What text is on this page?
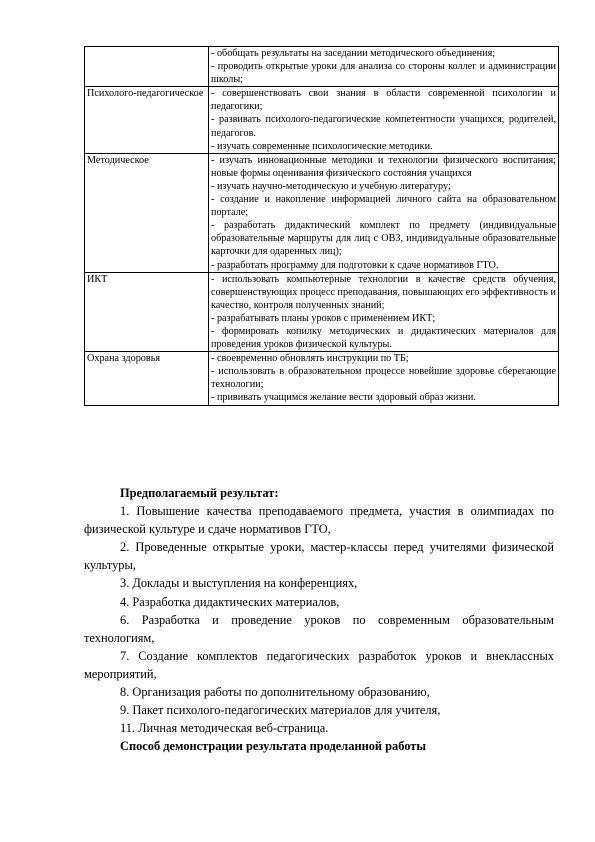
	- обобщать результаты на заседании методического объединения;
- проводить открытые уроки для анализа со стороны коллег и администрации школы;

Психолого-педагогическое	- совершенствовать свои знания в области современной психологии и педагогики;
- развивать психолого-педагогические компетентности учащихся, родителей, педагогов.
- изучать современные психологические методики.

Методическое	- изучать инновационные методики и технологии физического воспитания; новые формы оценивания физического состояния учащихся
- изучать научно-методическую и учебную литературу;
- создание и накопление информацией личного сайта на образовательном портале;
- разработать дидактический комплект по предмету (индивидуальные образовательные маршруты для лиц с ОВЗ, индивидуальные образовательные карточки для одаренных лиц);
- разработать программу для подготовки к сдаче нормативов ГТО.

ИКТ	- использовать компьютерные технологии в качестве средств обучения, совершенствующих процесс преподавания, повышающих его эффективность и качество, контроля полученных знаний;
- разрабатывать планы уроков с применением ИКТ;
- формировать копилку методических и дидактических материалов для проведения уроков физической культуры.

Охрана здоровья	- своевременно обновлять инструкции по ТБ;
- использовать в образовательном процессе новейшие здоровье сберегающие технологии;
- прививать учащимся желание вести здоровый образ жизни.

Предполагаемый результат:

1. Повышение качества преподаваемого предмета, участия в олимпиадах по физической культуре и сдаче нормативов ГТО,

2. Проведенные открытые уроки, мастер-классы перед учителями физической культуры,

3. Доклады и выступления на конференциях,

4. Разработка дидактических материалов,

6. Разработка и проведение уроков по современным образовательным технологиям,

7. Создание комплектов педагогических разработок уроков и внеклассных мероприятий,

8. Организация работы по дополнительному образованию,

9. Пакет психолого-педагогических материалов для учителя,

11. Личная методическая веб-страница.

Способ демонстрации результата проделанной работы
